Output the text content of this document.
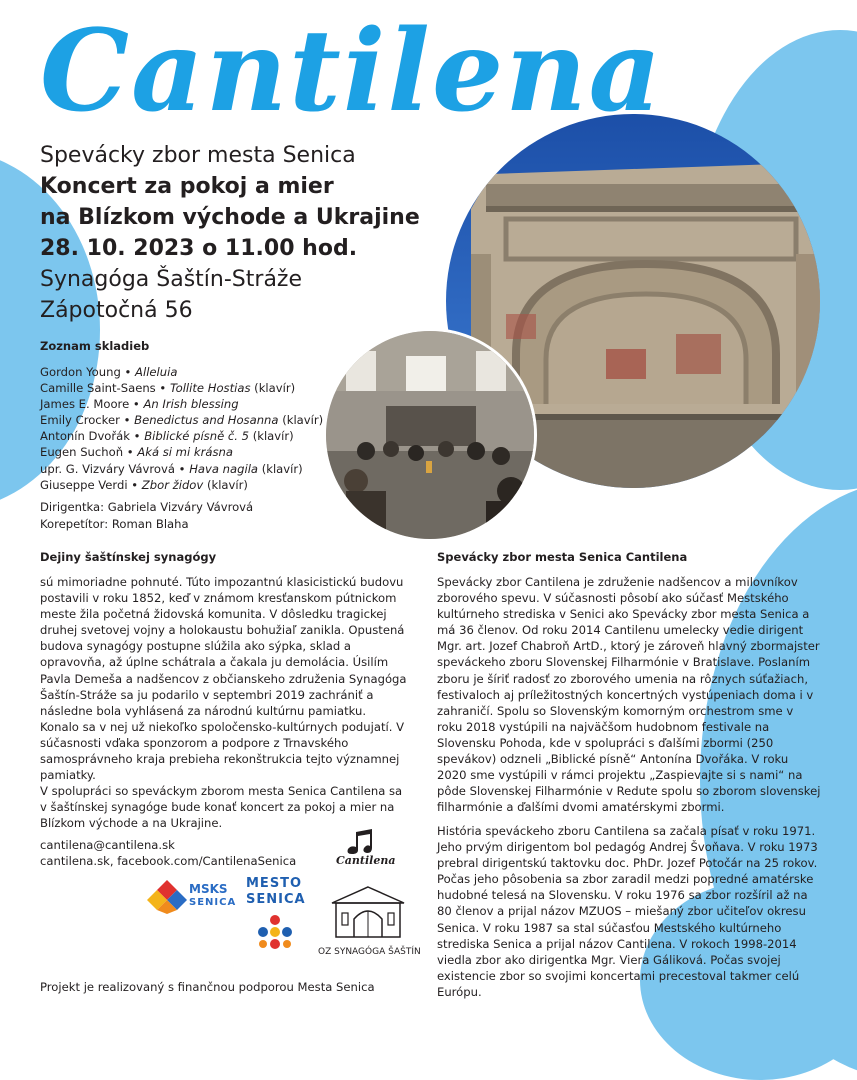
Cantilena
Spevácky zbor mesta Senica
Koncert za pokoj a mier
na Blízkom východe a Ukrajine
28. 10. 2023 o 11.00 hod.
Synagóga Šaštín-Stráže
Zápotočná 56
Zoznam skladieb
Gordon Young • Alleluia
Camille Saint-Saens • Tollite Hostias (klavír)
James E. Moore • An Irish blessing
Emily Crocker • Benedictus and Hosanna (klavír)
Antonín Dvořák • Biblické písně č. 5 (klavír)
Eugen Suchoň • Aká si mi krásna
upr. G. Vizváry Vávrová • Hava nagila (klavír)
Giuseppe Verdi • Zbor židov (klavír)
Dirigentka: Gabriela Vizváry Vávrová
Korepetítor: Roman Blaha
Dejiny šaštínskej synagógy
sú mimoriadne pohnuté. Túto impozantnú klasicistickú budovu postavili v roku 1852, keď v známom kresťanskom pútnickom meste žila početná židovská komunita. V dôsledku tragickej druhej svetovej vojny a holokaustu bohužiaľ zanikla. Opustená budova synagógy postupne slúžila ako sýpka, sklad a opravovňa, až úplne schátrala a čakala ju demolácia. Úsilím Pavla Demeša a nadšencov z občianskeho združenia Synagóga Šaštín-Stráže sa ju podarilo v septembri 2019 zachrániť a následne bola vyhlásená za národnú kultúrnu pamiatku. Konalo sa v nej už niekoľko spoločensko-kultúrnych podujatí. V súčasnosti vďaka sponzorom a podpore z Trnavského samosprávneho kraja prebieha rekonštrukcia tejto významnej pamiatky.
V spolupráci so speváckym zborom mesta Senica Cantilena sa v šaštínskej synagóge bude konať koncert za pokoj a mier na Blízkom východe a na Ukrajine.
cantilena@cantilena.sk
cantilena.sk, facebook.com/CantilenaSenica
MSKS
SENICA
MESTO
SENICA
Cantilena
OZ SYNAGÓGA ŠAŠTÍN
Projekt je realizovaný s finančnou podporou Mesta Senica
Spevácky zbor mesta Senica Cantilena
Spevácky zbor Cantilena je združenie nadšencov a milovníkov zborového spevu. V súčasnosti pôsobí ako súčasť Mestského kultúrneho strediska v Senici ako Spevácky zbor mesta Senica a má 36 členov. Od roku 2014 Cantilenu umelecky vedie dirigent Mgr. art. Jozef Chabroň ArtD., ktorý je zároveň hlavný zbormajster speváckeho zboru Slovenskej Filharmónie v Bratislave. Poslaním zboru je šíriť radosť zo zborového umenia na rôznych súťažiach, festivaloch aj príležitostných koncertných vystúpeniach doma i v zahraničí. Spolu so Slovenským komorným orchestrom sme v roku 2018 vystúpili na najväčšom hudobnom festivale na Slovensku Pohoda, kde v spolupráci s ďalšími zbormi (250 spevákov) odzneli „Biblické písně“ Antonína Dvořáka. V roku 2020 sme vystúpili v rámci projektu „Zaspievajte si s nami“ na pôde Slovenskej Filharmónie v Redute spolu so zborom slovenskej filharmónie a ďalšími dvomi amatérskymi zbormi.
História speváckeho zboru Cantilena sa začala písať v roku 1971. Jeho prvým dirigentom bol pedagóg Andrej Švoňava. V roku 1973 prebral dirigentskú taktovku doc. PhDr. Jozef Potočár na 25 rokov. Počas jeho pôsobenia sa zbor zaradil medzi popredné amatérske hudobné telesá na Slovensku. V roku 1976 sa zbor rozšíril až na 80 členov a prijal názov MZUOS – miešaný zbor učiteľov okresu Senica. V roku 1987 sa stal súčasťou Mestského kultúrneho strediska Senica a prijal názov Cantilena. V rokoch 1998-2014 viedla zbor ako dirigentka Mgr. Viera Gáliková. Počas svojej existencie zbor so svojimi koncertami precestoval takmer celú Európu.
